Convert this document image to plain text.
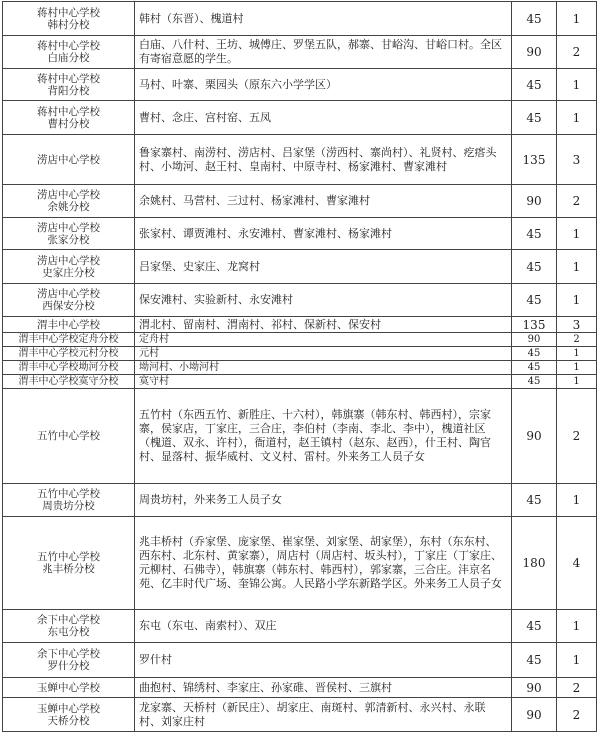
蒋村中心学校
韩村分校	韩村（东晋）、槐道村	45	1

蒋村中心学校
白庙分校	白庙、八什村、王坊、城傅庄、罗堡五队，郝寨、甘峪沟、甘峪口村。全区有寄宿意愿的学生。	90	2

蒋村中心学校
背阳分校	马村、叶寨、栗园头（原东六小学学区）	45	1

蒋村中心学校
曹村分校	曹村、念庄、宫村窑、五凤	45	1

涝店中心学校	鲁家寨村、南涝村、涝店村、吕家堡（涝西村、寨尚村）、礼贤村、疙瘩头村、小坳河、赵王村、皇南村、中原寺村、杨家滩村、曹家滩村	135	3

涝店中心学校
余姚分校	余姚村、马营村、三过村、杨家滩村、曹家滩村	90	2

涝店中心学校
张家分校	张家村、谭贾滩村、永安滩村、曹家滩村、杨家滩村	45	1

涝店中心学校
史家庄分校	吕家堡、史家庄、龙窝村	45	1

涝店中心学校
西保安分校	保安滩村、实验新村、永安滩村	45	1

渭丰中心学校	渭北村、留南村、渭南村、祁村、保新村、保安村	135	3

渭丰中心学校定舟分校	定舟村	90	2

渭丰中心学校元村分校	元村	45	1

渭丰中心学校坳河分校	坳河村、小坳河村	45	1

渭丰中心学校寞守分校	寞守村	45	1

五竹中心学校	五竹村（东西五竹、新胜庄、十六村），韩旗寨（韩东村、韩西村），宗家寨，侯家店，丁家庄，三合庄，李伯村（李南、李北、李中），槐道社区（槐道、双永、许村），衙道村，赵王镇村（赵东、赵西），什王村、陶官村、显落村、振华威村、文义村、雷村。外来务工人员子女	90	2

五竹中心学校
周贵坊分校	周贵坊村，外来务工人员子女	45	1

五竹中心学校
兆丰桥分校	兆丰桥村（乔家堡、庞家堡、崔家堡、刘家堡、胡家堡），东村（东东村、西东村、北东村、黄家寨），周店村（周店村、坂头村），丁家庄（丁家庄、元柳村、石佛寺），韩旗寨（韩东村、韩西村），郭家寨，三合庄。沣京名苑、亿丰时代广场、奎锦公寓。人民路小学东新路学区。外来务工人员子女	180	4

余下中心学校
东屯分校	东屯（东屯、南索村）、双庄	45	1

余下中心学校
罗什分校	罗什村	45	1

玉蝉中心学校	曲抱村、锦绣村、李家庄、孙家碓、晋侯村、三旗村	90	2

玉蝉中心学校
天桥分校	龙家寨、天桥村（新民庄）、胡家庄、南斑村、郭清新村、永兴村、永联村、刘家庄村	90	2
